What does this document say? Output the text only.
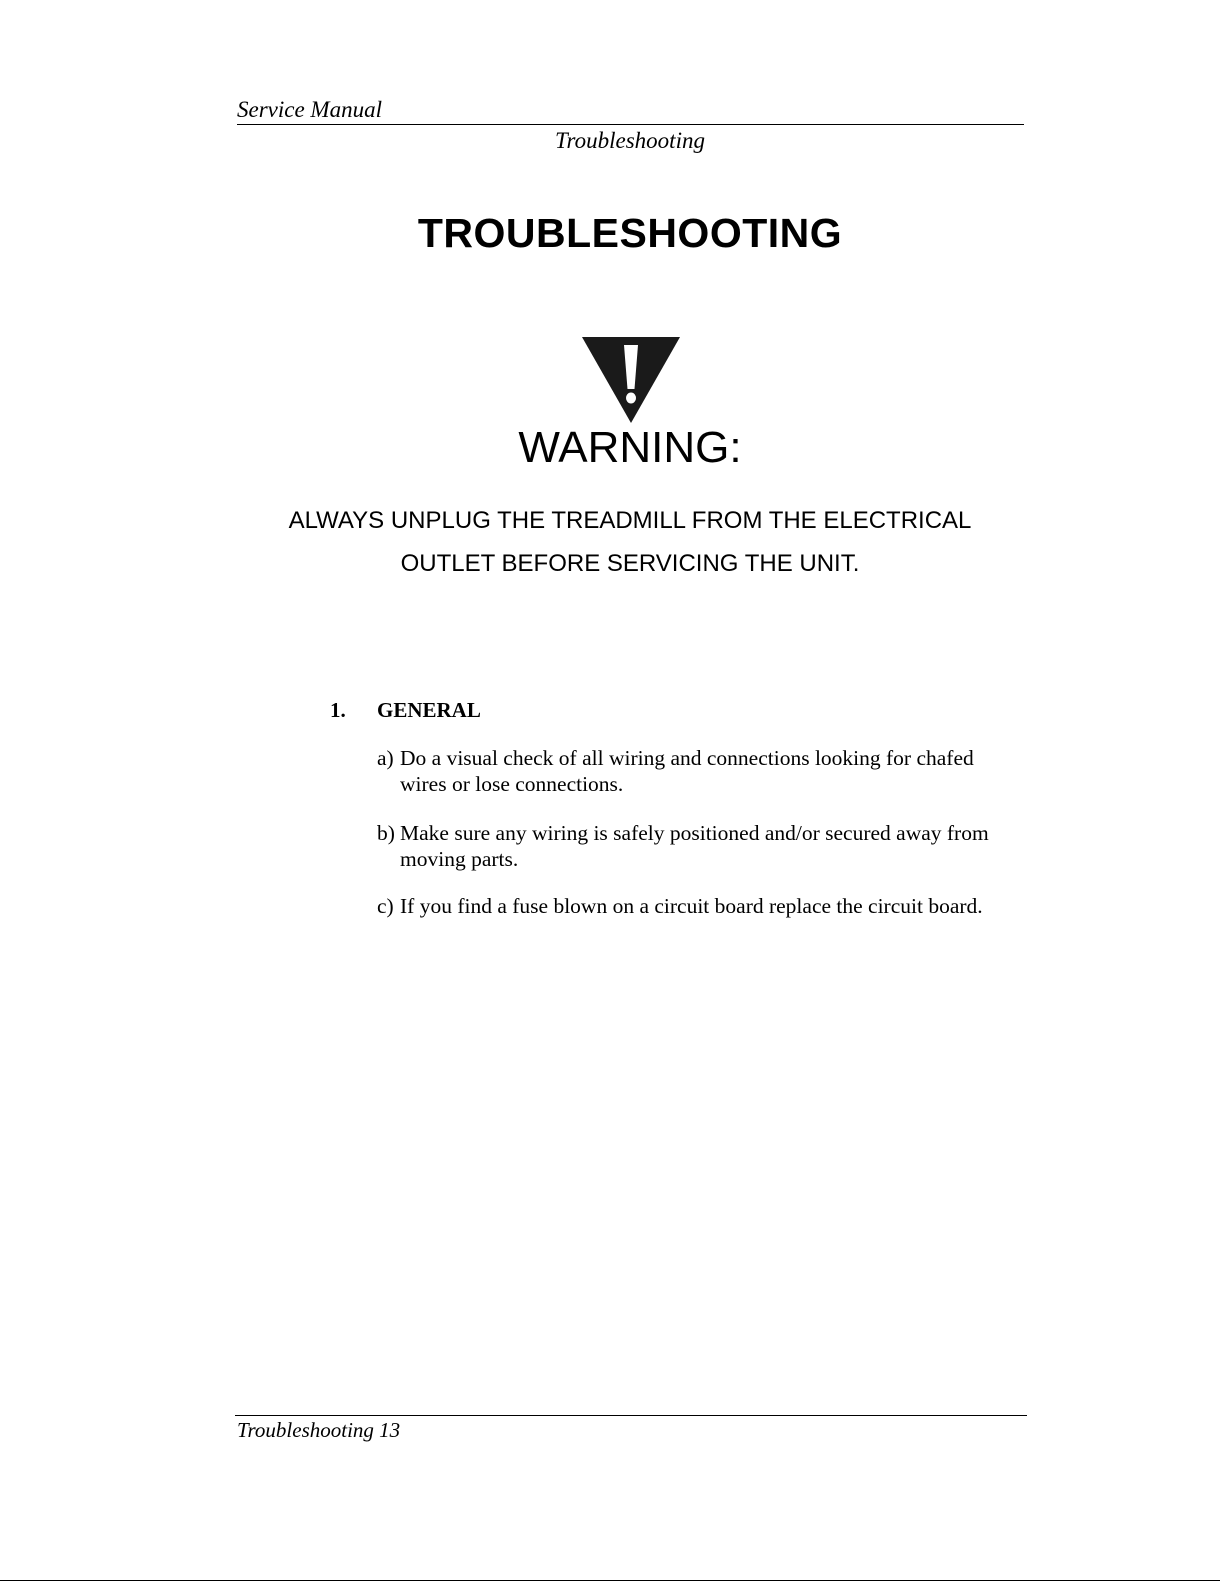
Service Manual
Troubleshooting
TROUBLESHOOTING
WARNING:
ALWAYS UNPLUG THE TREADMILL FROM THE ELECTRICAL
OUTLET BEFORE SERVICING THE UNIT.
1. GENERAL
a) Do a visual check of all wiring and connections looking for chafed wires or lose connections.
b) Make sure any wiring is safely positioned and/or secured away from moving parts.
c) If you find a fuse blown on a circuit board replace the circuit board.
Troubleshooting 13
